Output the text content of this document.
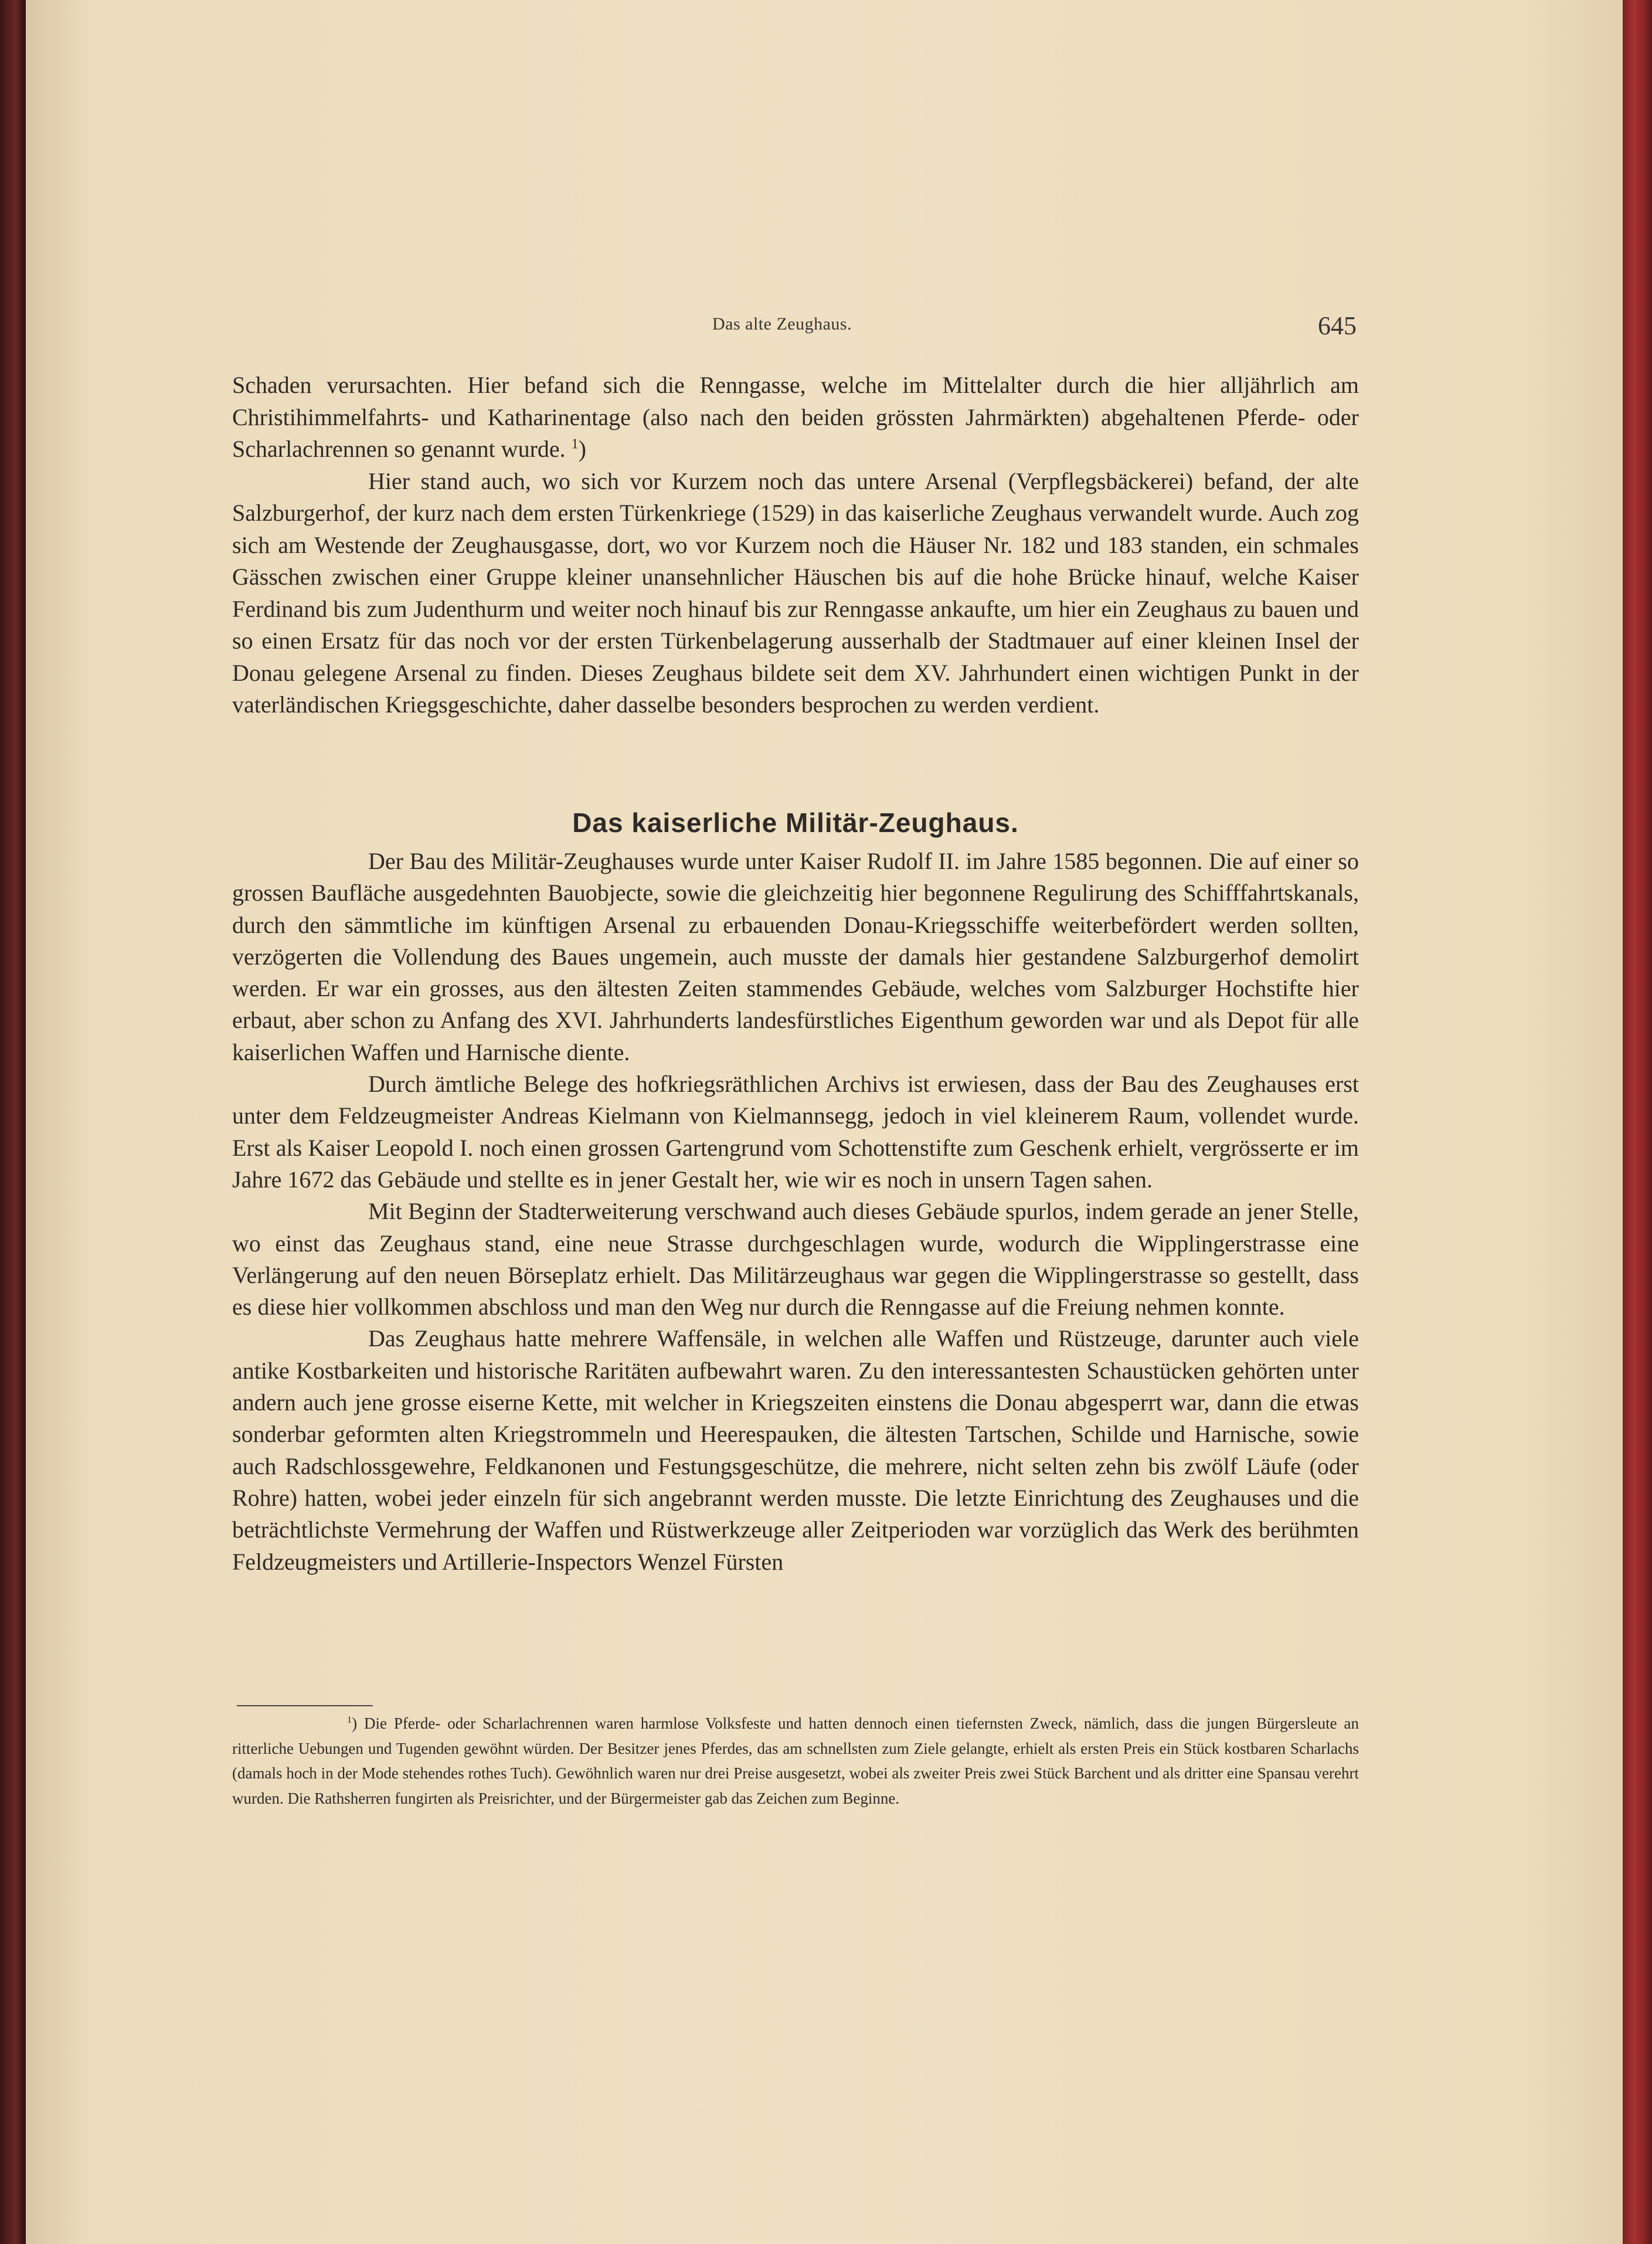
Das alte Zeughaus.	645

Schaden verursachten. Hier befand sich die Renngasse, welche im Mittelalter durch die hier alljährlich am Christihimmelfahrts- und Katharinentage (also nach den beiden grössten Jahrmärkten) abgehaltenen Pferde- oder Scharlachrennen so genannt wurde. $^1$)

Hier stand auch, wo sich vor Kurzem noch das untere Arsenal (Verpflegsbäckerei) befand, der alte Salzburgerhof, der kurz nach dem ersten Türkenkriege (1529) in das kaiserliche Zeughaus verwandelt wurde. Auch zog sich am Westende der Zeughausgasse, dort, wo vor Kurzem noch die Häuser Nr. 182 und 183 standen, ein schmales Gässchen zwischen einer Gruppe kleiner unansehnlicher Häuschen bis auf die hohe Brücke hinauf, welche Kaiser Ferdinand bis zum Judenthurm und weiter noch hinauf bis zur Renngasse ankaufte, um hier ein Zeughaus zu bauen und so einen Ersatz für das noch vor der ersten Türkenbelagerung ausserhalb der Stadtmauer auf einer kleinen Insel der Donau gelegene Arsenal zu finden. Dieses Zeughaus bildete seit dem XV. Jahrhundert einen wichtigen Punkt in der vaterländischen Kriegsgeschichte, daher dasselbe besonders besprochen zu werden verdient.

Das kaiserliche Militär-Zeughaus.

Der Bau des Militär-Zeughauses wurde unter Kaiser Rudolf II. im Jahre 1585 begonnen. Die auf einer so grossen Baufläche ausgedehnten Bauobjecte, sowie die gleichzeitig hier begonnene Regulirung des Schifffahrtskanals, durch den sämmtliche im künftigen Arsenal zu erbauenden Donau-Kriegsschiffe weiterbefördert werden sollten, verzögerten die Vollendung des Baues ungemein, auch musste der damals hier gestandene Salzburgerhof demolirt werden. Er war ein grosses, aus den ältesten Zeiten stammendes Gebäude, welches vom Salzburger Hochstifte hier erbaut, aber schon zu Anfang des XVI. Jahrhunderts landesfürstliches Eigenthum geworden war und als Depot für alle kaiserlichen Waffen und Harnische diente.

Durch ämtliche Belege des hofkriegsräthlichen Archivs ist erwiesen, dass der Bau des Zeughauses erst unter dem Feldzeugmeister Andreas Kielmann von Kielmannsegg, jedoch in viel kleinerem Raum, vollendet wurde. Erst als Kaiser Leopold I. noch einen grossen Gartengrund vom Schottenstifte zum Geschenk erhielt, vergrösserte er im Jahre 1672 das Gebäude und stellte es in jener Gestalt her, wie wir es noch in unsern Tagen sahen.

Mit Beginn der Stadterweiterung verschwand auch dieses Gebäude spurlos, indem gerade an jener Stelle, wo einst das Zeughaus stand, eine neue Strasse durchgeschlagen wurde, wodurch die Wipplingerstrasse eine Verlängerung auf den neuen Börseplatz erhielt. Das Militärzeughaus war gegen die Wipplingerstrasse so gestellt, dass es diese hier vollkommen abschloss und man den Weg nur durch die Renngasse auf die Freiung nehmen konnte.

Das Zeughaus hatte mehrere Waffensäle, in welchen alle Waffen und Rüstzeuge, darunter auch viele antike Kostbarkeiten und historische Raritäten aufbewahrt waren. Zu den interessantesten Schaustücken gehörten unter andern auch jene grosse eiserne Kette, mit welcher in Kriegszeiten einstens die Donau abgesperrt war, dann die etwas sonderbar geformten alten Kriegstrommeln und Heerespauken, die ältesten Tartschen, Schilde und Harnische, sowie auch Radschlossgewehre, Feldkanonen und Festungsgeschütze, die mehrere, nicht selten zehn bis zwölf Läufe (oder Rohre) hatten, wobei jeder einzeln für sich angebrannt werden musste. Die letzte Einrichtung des Zeughauses und die beträchtlichste Vermehrung der Waffen und Rüstwerkzeuge aller Zeitperioden war vorzüglich das Werk des berühmten Feldzeugmeisters und Artillerie-Inspectors Wenzel Fürsten

$^1$) Die Pferde- oder Scharlachrennen waren harmlose Volksfeste und hatten dennoch einen tiefernsten Zweck, nämlich, dass die jungen Bürgersleute an ritterliche Uebungen und Tugenden gewöhnt würden. Der Besitzer jenes Pferdes, das am schnellsten zum Ziele gelangte, erhielt als ersten Preis ein Stück kostbaren Scharlachs (damals hoch in der Mode stehendes rothes Tuch). Gewöhnlich waren nur drei Preise ausgesetzt, wobei als zweiter Preis zwei Stück Barchent und als dritter eine Spansau verehrt wurden. Die Rathsherren fungirten als Preisrichter, und der Bürgermeister gab das Zeichen zum Beginne.
